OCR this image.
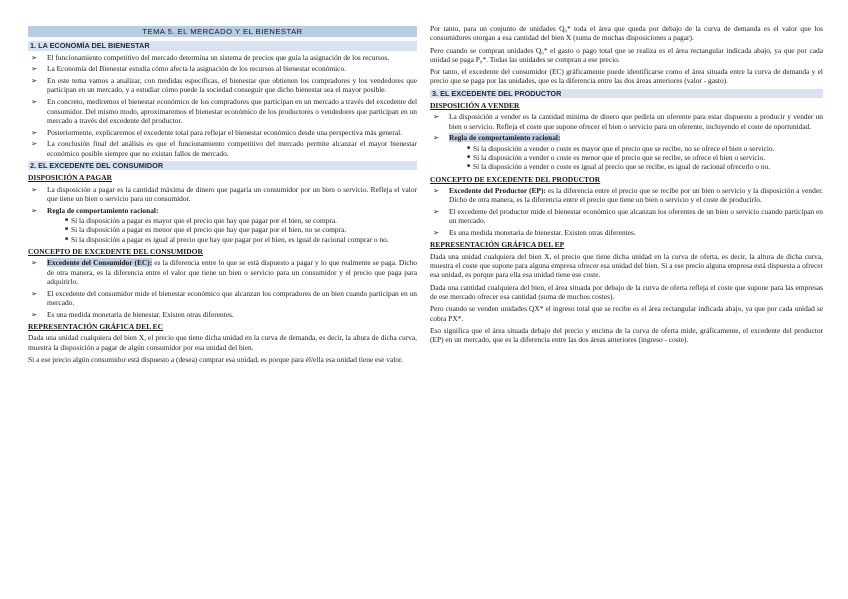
TEMA 5. EL MERCADO Y EL BIENESTAR
1. LA ECONOMÍA DEL BIENESTAR
➢ El funcionamiento competitivo del mercado determina un sistema de precios que guía la asignación de los recursos.
➢ La Economía del Bienestar estudia cómo afecta la asignación de los recursos al bienestar económico.
➢ En este tema vamos a analizar, con medidas específicas, el bienestar que obtienen los compradores y los vendedores que participan en un mercado, y a estudiar cómo puede la sociedad conseguir que dicho bienestar sea el mayor posible.
➢ En concreto, mediremos el bienestar económico de los compradores que participan en un mercado a través del excedente del consumidor. Del mismo modo, aproximaremos el bienestar económico de los productores o vendedores que participan en un mercado a través del excedente del productor.
➢ Posteriormente, explicaremos el excedente total para reflejar el bienestar económico desde una perspectiva más general.
➢ La conclusión final del análisis es que el funcionamiento competitivo del mercado permite alcanzar el mayor bienestar económico posible siempre que no existan fallos de mercado.
2. EL EXCEDENTE DEL CONSUMIDOR
DISPOSICIÓN A PAGAR
➢ La disposición a pagar es la cantidad máxima de dinero que pagaría un consumidor por un bien o servicio. Refleja el valor que tiene un bien o servicio para un consumidor.
➢ Regla de comportamiento racional:
■ Si la disposición a pagar es mayor que el precio que hay que pagar por el bien, se compra.
■ Si la disposición a pagar es menor que el precio que hay que pagar por el bien, no se compra.
■ Si la disposición a pagar es igual al precio que hay que pagar por el bien, es igual de racional comprar o no.
CONCEPTO DE EXCEDENTE DEL CONSUMIDOR
➢ Excedente del Consumidor (EC): es la diferencia entre lo que se está dispuesto a pagar y lo que realmente se paga. Dicho de otra manera, es la diferencia entre el valor que tiene un bien o servicio para un consumidor y el precio que paga para adquirirlo.
➢ El excedente del consumidor mide el bienestar económico que alcanzan los compradores de un bien cuando participan en un mercado.
➢ Es una medida monetaria de bienestar. Existen otras diferentes.
REPRESENTACIÓN GRÁFICA DEL EC

Dada una unidad cualquiera del bien X, el precio que tiene dicha unidad en la curva de demanda, es decir, la altura de dicha curva, muestra la disposición a pagar de algún consumidor por esa unidad del bien.

Si a ese precio algún consumidor está dispuesto a (desea) comprar esa unidad, es porque para él/ella esa unidad tiene ese valor.

Por tanto, para un conjunto de unidades Q₀* toda el área que queda por debajo de la curva de demanda es el valor que los consumidores otorgan a esa cantidad del bien X (suma de muchas disposiciones a pagar).

Pero cuando se compran unidades Q₀* el gasto o pago total que se realiza es el área rectangular indicada abajo, ya que por cada unidad se paga P₀*. Todas las unidades se compran a ese precio.

Por tanto, el excedente del consumidor (EC) gráficamente puede identificarse como el área situada entre la curva de demanda y el precio que se paga por las unidades, que es la diferencia entre las dos áreas anteriores (valor - gasto).

3. EL EXCEDENTE DEL PRODUCTOR
DISPOSICIÓN A VENDER
➢ La disposición a vender es la cantidad mínima de dinero que pediría un oferente para estar dispuesto a producir y vender un bien o servicio. Refleja el coste que supone ofrecer el bien o servicio para un oferente, incluyendo el coste de oportunidad.
➢ Regla de comportamiento racional:
■ Si la disposición a vender o coste es mayor que el precio que se recibe, no se ofrece el bien o servicio.
■ Si la disposición a vender o coste es menor que el precio que se recibe, se ofrece el bien o servicio.
■ Si la disposición a vender o coste es igual al precio que se recibe, es igual de racional ofrecerlo o no.
CONCEPTO DE EXCEDENTE DEL PRODUCTOR
➢ Excedente del Productor (EP): es la diferencia entre el precio que se recibe por un bien o servicio y la disposición a vender. Dicho de otra manera, es la diferencia entre el precio que tiene un bien o servicio y el coste de producirlo.
➢ El excedente del productor mide el bienestar económico que alcanzan los oferentes de un bien o servicio cuando participan en un mercado.
➢ Es una medida monetaria de bienestar. Existen otras diferentes.
REPRESENTACIÓN GRÁFICA DEL EP

Dada una unidad cualquiera del bien X, el precio que tiene dicha unidad en la curva de oferta, es decir, la altura de dicha curva, muestra el coste que supone para alguna empresa ofrecer esa unidad del bien. Si a ese precio alguna empresa está dispuesta a ofrecer esa unidad, es porque para ella esa unidad tiene ese coste.

Dada una cantidad cualquiera del bien, el área situada por debajo de la curva de oferta refleja el coste que supone para las empresas de ese mercado ofrecer esa cantidad (suma de muchos costes).

Pero cuando se venden unidades QX* el ingreso total que se recibe es el área rectangular indicada abajo, ya que por cada unidad se cobra PX*.

Eso significa que el área situada debajo del precio y encima de la curva de oferta mide, gráficamente, el excedente del productor (EP) en un mercado, que es la diferencia entre las dos áreas anteriores (ingreso - coste).
